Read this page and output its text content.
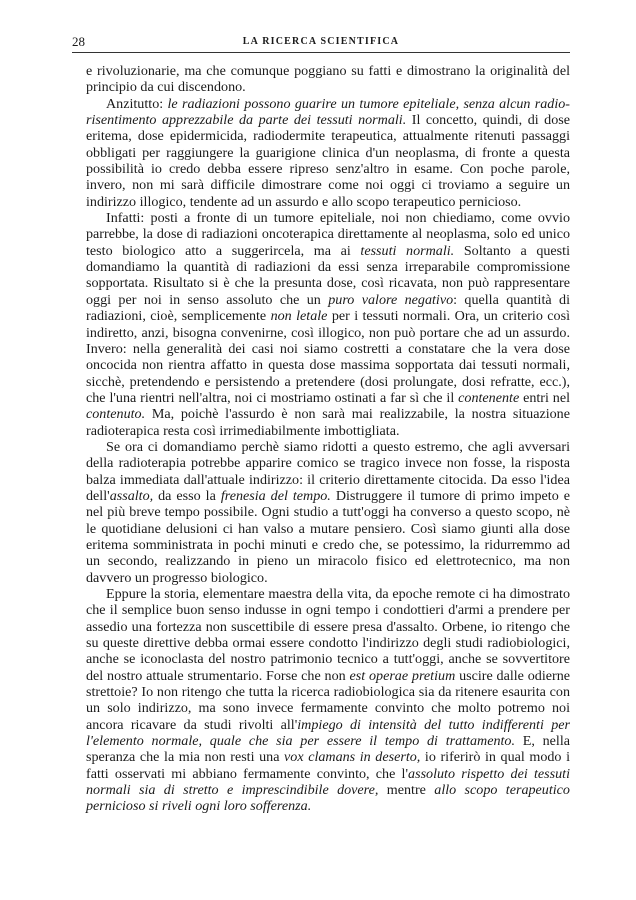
28	LA RICERCA SCIENTIFICA

e rivoluzionarie, ma che comunque poggiano su fatti e dimostrano la originalità del principio da cui discendono.

Anzitutto: le radiazioni possono guarire un tumore epiteliale, senza alcun radio-risentimento apprezzabile da parte dei tessuti normali. Il concetto, quindi, di dose eritema, dose epidermicida, radiodermite terapeutica, attualmente ritenuti passaggi obbligati per raggiungere la guarigione clinica d'un neoplasma, di fronte a questa possibilità io credo debba essere ripreso senz'altro in esame. Con poche parole, invero, non mi sarà difficile dimostrare come noi oggi ci troviamo a seguire un indirizzo illogico, tendente ad un assurdo e allo scopo terapeutico pernicioso.

Infatti: posti a fronte di un tumore epiteliale, noi non chiediamo, come ovvio parrebbe, la dose di radiazioni oncoterapica direttamente al neoplasma, solo ed unico testo biologico atto a suggerircela, ma ai tessuti normali. Soltanto a questi domandiamo la quantità di radiazioni da essi senza irreparabile compromissione sopportata. Risultato si è che la presunta dose, così ricavata, non può rappresentare oggi per noi in senso assoluto che un puro valore negativo: quella quantità di radiazioni, cioè, semplicemente non letale per i tessuti normali. Ora, un criterio così indiretto, anzi, bisogna convenirne, così illogico, non può portare che ad un assurdo. Invero: nella generalità dei casi noi siamo costretti a constatare che la vera dose oncocida non rientra affatto in questa dose massima sopportata dai tessuti normali, sicchè, pretendendo e persistendo a pretendere (dosi prolungate, dosi refratte, ecc.), che l'una rientri nell'altra, noi ci mostriamo ostinati a far sì che il contenente entri nel contenuto. Ma, poichè l'assurdo è non sarà mai realizzabile, la nostra situazione radioterapica resta così irrimediabilmente imbottigliata.

Se ora ci domandiamo perchè siamo ridotti a questo estremo, che agli avversari della radioterapia potrebbe apparire comico se tragico invece non fosse, la risposta balza immediata dall'attuale indirizzo: il criterio direttamente citocida. Da esso l'idea dell'assalto, da esso la frenesia del tempo. Distruggere il tumore di primo impeto e nel più breve tempo possibile. Ogni studio a tutt'oggi ha converso a questo scopo, nè le quotidiane delusioni ci han valso a mutare pensiero. Così siamo giunti alla dose eritema somministrata in pochi minuti e credo che, se potessimo, la ridurremmo ad un secondo, realizzando in pieno un miracolo fisico ed elettrotecnico, ma non davvero un progresso biologico.

Eppure la storia, elementare maestra della vita, da epoche remote ci ha dimostrato che il semplice buon senso indusse in ogni tempo i condottieri d'armi a prendere per assedio una fortezza non suscettibile di essere presa d'assalto. Orbene, io ritengo che su queste direttive debba ormai essere condotto l'indirizzo degli studi radiobiologici, anche se iconoclasta del nostro patrimonio tecnico a tutt'oggi, anche se sovvertitore del nostro attuale strumentario. Forse che non est operae pretium uscire dalle odierne strettoie? Io non ritengo che tutta la ricerca radiobiologica sia da ritenere esaurita con un solo indirizzo, ma sono invece fermamente convinto che molto potremo noi ancora ricavare da studi rivolti all'impiego di intensità del tutto indifferenti per l'elemento normale, quale che sia per essere il tempo di trattamento. E, nella speranza che la mia non resti una vox clamans in deserto, io riferirò in qual modo i fatti osservati mi abbiano fermamente convinto, che l'assoluto rispetto dei tessuti normali sia di stretto e imprescindibile dovere, mentre allo scopo terapeutico pernicioso si riveli ogni loro sofferenza.
